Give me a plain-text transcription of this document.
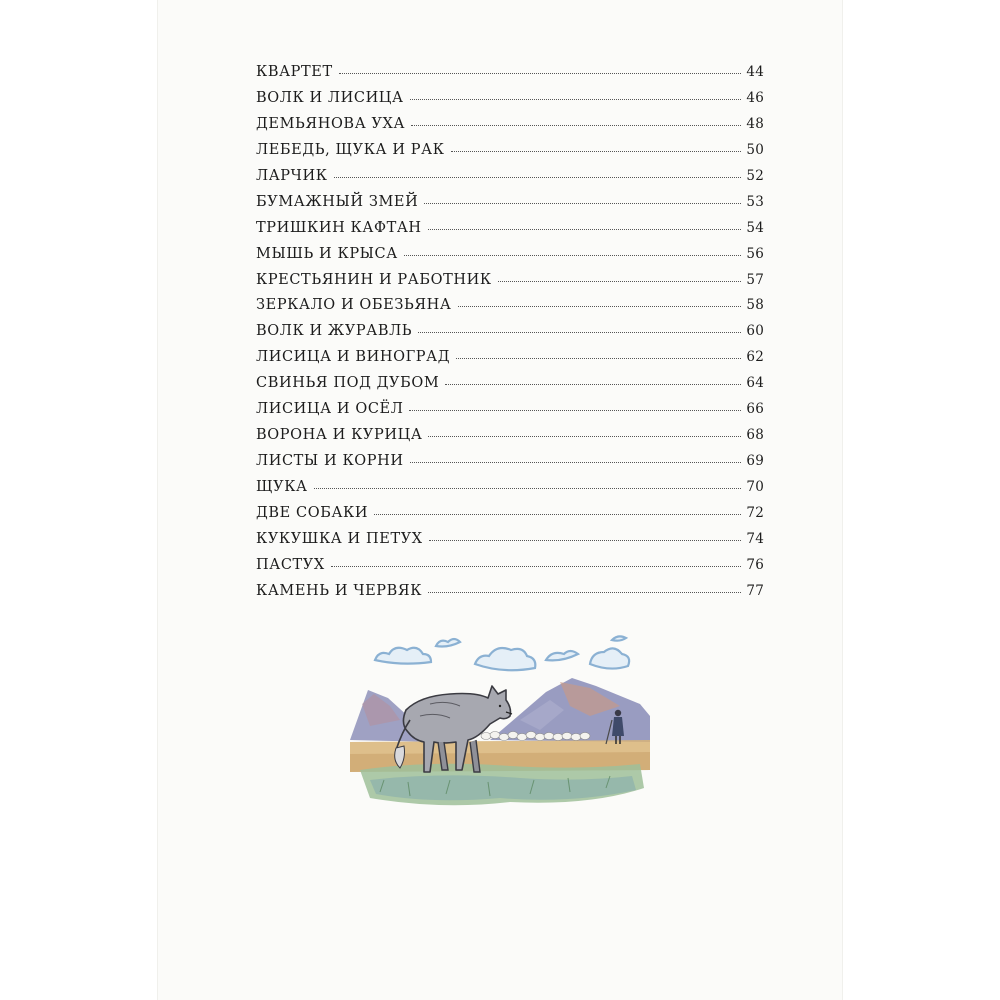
КВАРТЕТ	44
ВОЛК И ЛИСИЦА	46
ДЕМЬЯНОВА УХА	48
ЛЕБЕДЬ, ЩУКА И РАК	50
ЛАРЧИК	52
БУМАЖНЫЙ ЗМЕЙ	53
ТРИШКИН КАФТАН	54
МЫШЬ И КРЫСА	56
КРЕСТЬЯНИН И РАБОТНИК	57
ЗЕРКАЛО И ОБЕЗЬЯНА	58
ВОЛК И ЖУРАВЛЬ	60
ЛИСИЦА И ВИНОГРАД	62
СВИНЬЯ ПОД ДУБОМ	64
ЛИСИЦА И ОСЁЛ	66
ВОРОНА И КУРИЦА	68
ЛИСТЫ И КОРНИ	69
ЩУКА	70
ДВЕ СОБАКИ	72
КУКУШКА И ПЕТУХ	74
ПАСТУХ	76
КАМЕНЬ И ЧЕРВЯК	77
